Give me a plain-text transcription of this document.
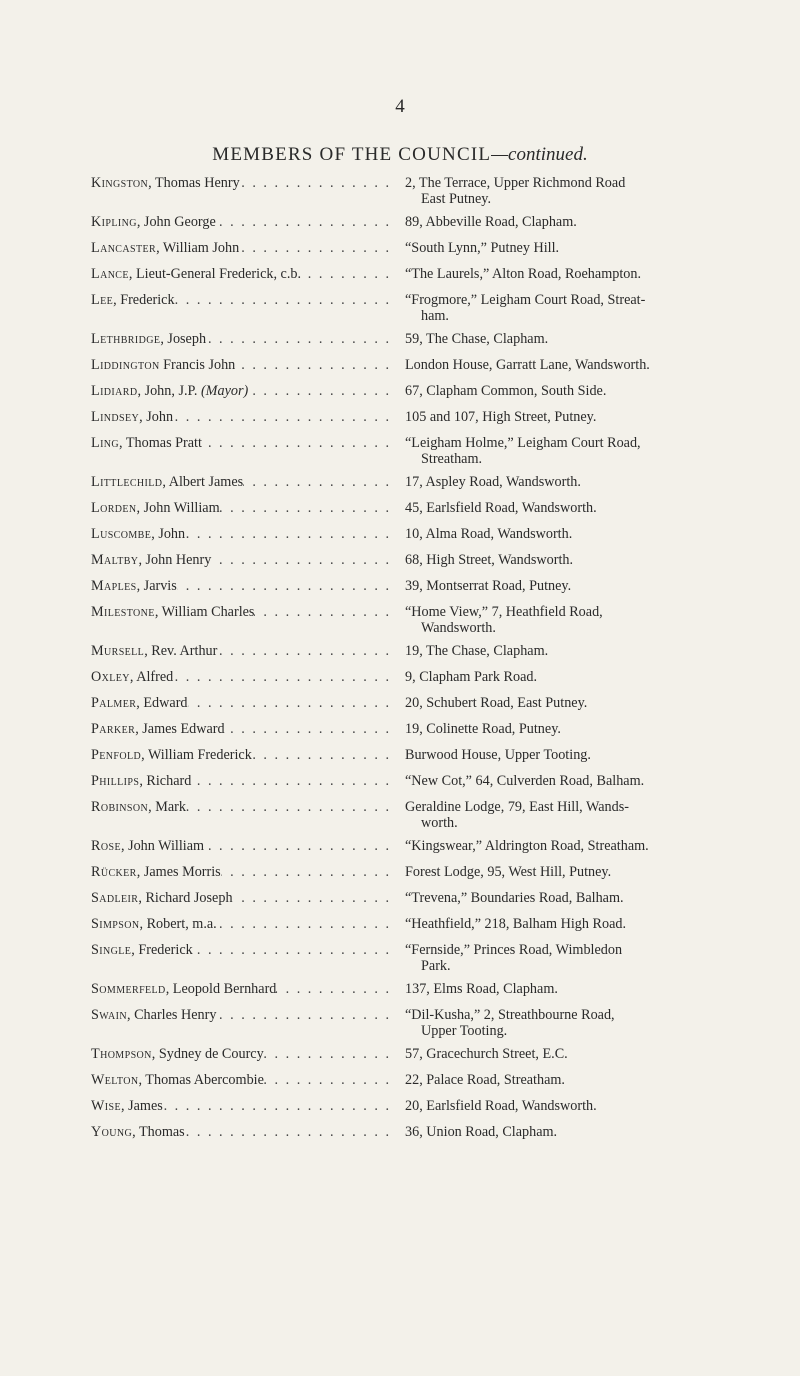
4
MEMBERS OF THE COUNCIL—continued.
Kingston , Thomas Henry . . .	2, The Terrace, Upper Richmond Road
East Putney.
Kipling , John George . . .	89, Abbeville Road, Clapham.
Lancaster , William John . . .	“South Lynn,” Putney Hill.
Lance , Lieut-General Frederick, c.b. . . .	“The Laurels,” Alton Road, Roehampton.
Lee , Frederick . . .	“Frogmore,” Leigham Court Road, Streat-
ham.
Lethbridge , Joseph . . .	59, The Chase, Clapham.
Liddington Francis John . . .	London House, Garratt Lane, Wandsworth.
Lidiard , John, J.P. (Mayor) . . .	67, Clapham Common, South Side.
Lindsey , John . . .	105 and 107, High Street, Putney.
Ling , Thomas Pratt . . .	“Leigham Holme,” Leigham Court Road,
Streatham.
Littlechild , Albert James . . .	17, Aspley Road, Wandsworth.
Lorden , John William . . .	45, Earlsfield Road, Wandsworth.
Luscombe , John . . .	10, Alma Road, Wandsworth.
Maltby , John Henry . . .	68, High Street, Wandsworth.
Maples , Jarvis . . .	39, Montserrat Road, Putney.
Milestone , William Charles . . .	“Home View,” 7, Heathfield Road,
Wandsworth.
Mursell , Rev. Arthur . . .	19, The Chase, Clapham.
Oxley , Alfred . . .	9, Clapham Park Road.
Palmer , Edward . . .	20, Schubert Road, East Putney.
Parker , James Edward . . .	19, Colinette Road, Putney.
Penfold , William Frederick . . .	Burwood House, Upper Tooting.
Phillips , Richard . . .	“New Cot,” 64, Culverden Road, Balham.
Robinson , Mark . . .	Geraldine Lodge, 79, East Hill, Wands-
worth.
Rose , John William . . .	“Kingswear,” Aldrington Road, Streatham.
Rücker , James Morris . . .	Forest Lodge, 95, West Hill, Putney.
Sadleir , Richard Joseph . . .	“Trevena,” Boundaries Road, Balham.
Simpson , Robert, m.a. . . .	“Heathfield,” 218, Balham High Road.
Single , Frederick . . .	“Fernside,” Princes Road, Wimbledon
Park.
Sommerfeld , Leopold Bernhard . . .	137, Elms Road, Clapham.
Swain , Charles Henry . . .	“Dil-Kusha,” 2, Streathbourne Road,
Upper Tooting.
Thompson , Sydney de Courcy . . .	57, Gracechurch Street, E.C.
Welton , Thomas Abercombie . . .	22, Palace Road, Streatham.
Wise , James . . .	20, Earlsfield Road, Wandsworth.
Young , Thomas . . .	36, Union Road, Clapham.
